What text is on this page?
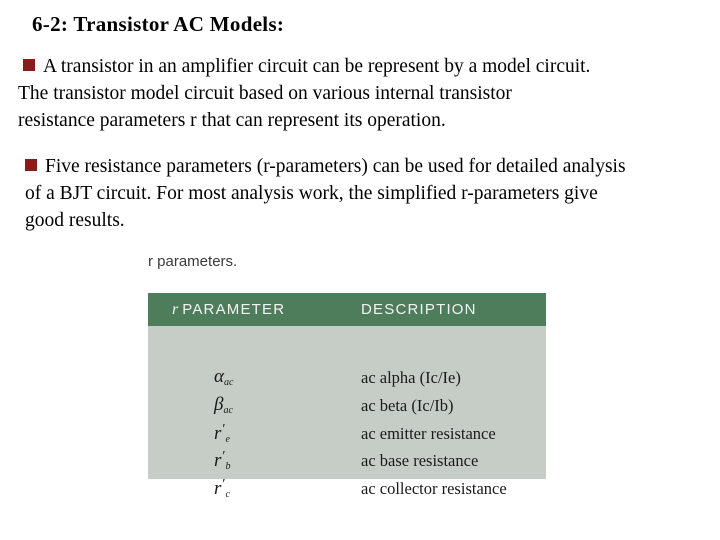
6-2: Transistor AC Models:
A transistor in an amplifier circuit can be represent by a model circuit.
The transistor model circuit based on various internal transistor
resistance parameters r that can represent its operation.
Five resistance parameters (r-parameters) can be used for detailed analysis
of a BJT circuit. For most analysis work, the simplified r-parameters give
good results.
r parameters.
r PARAMETER	DESCRIPTION
$\alpha_{ac}$	ac alpha (Ic/Ie)
$\beta_{ac}$	ac beta (Ic/Ib)
$r'_e$	ac emitter resistance
$r'_b$	ac base resistance
$r'_c$	ac collector resistance
